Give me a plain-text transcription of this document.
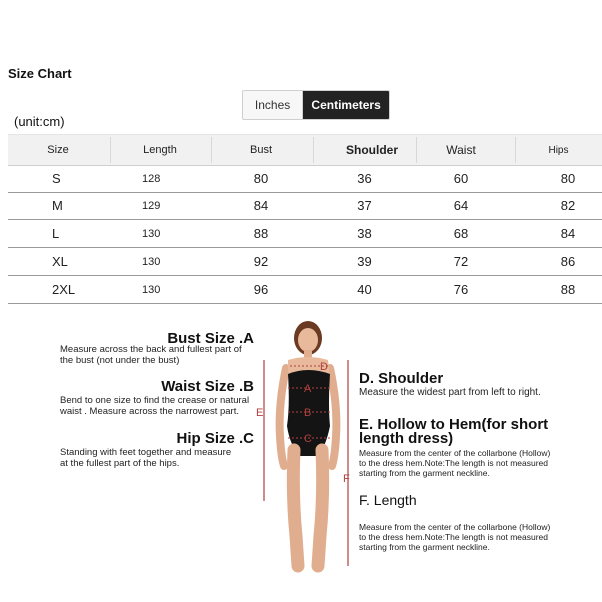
Size Chart
Inches	Centimeters
(unit:cm)
Size	Length	Bust	Shoulder	Waist	Hips
S	128	80	36	60	80
M	129	84	37	64	82
L	130	88	38	68	84
XL	130	92	39	72	86
2XL	130	96	40	76	88
Bust Size .A
Measure across the back and fullest part of the bust (not under the bust)
Waist Size .B
Bend to one size to find the crease or natural waist . Measure across the narrowest part.
Hip Size .C
Standing with feet together and measure at the fullest part of the hips.
D. Shoulder
Measure the widest part from left to right.
E. Hollow to Hem(for short length dress)
Measure from the center of the collarbone (Hollow) to the dress hem.Note:The length is not measured starting from the garment neckline.
F. Length
Measure from the center of the collarbone (Hollow) to the dress hem.Note:The length is not measured starting from the garment neckline.
D
A
B
C
E
F
